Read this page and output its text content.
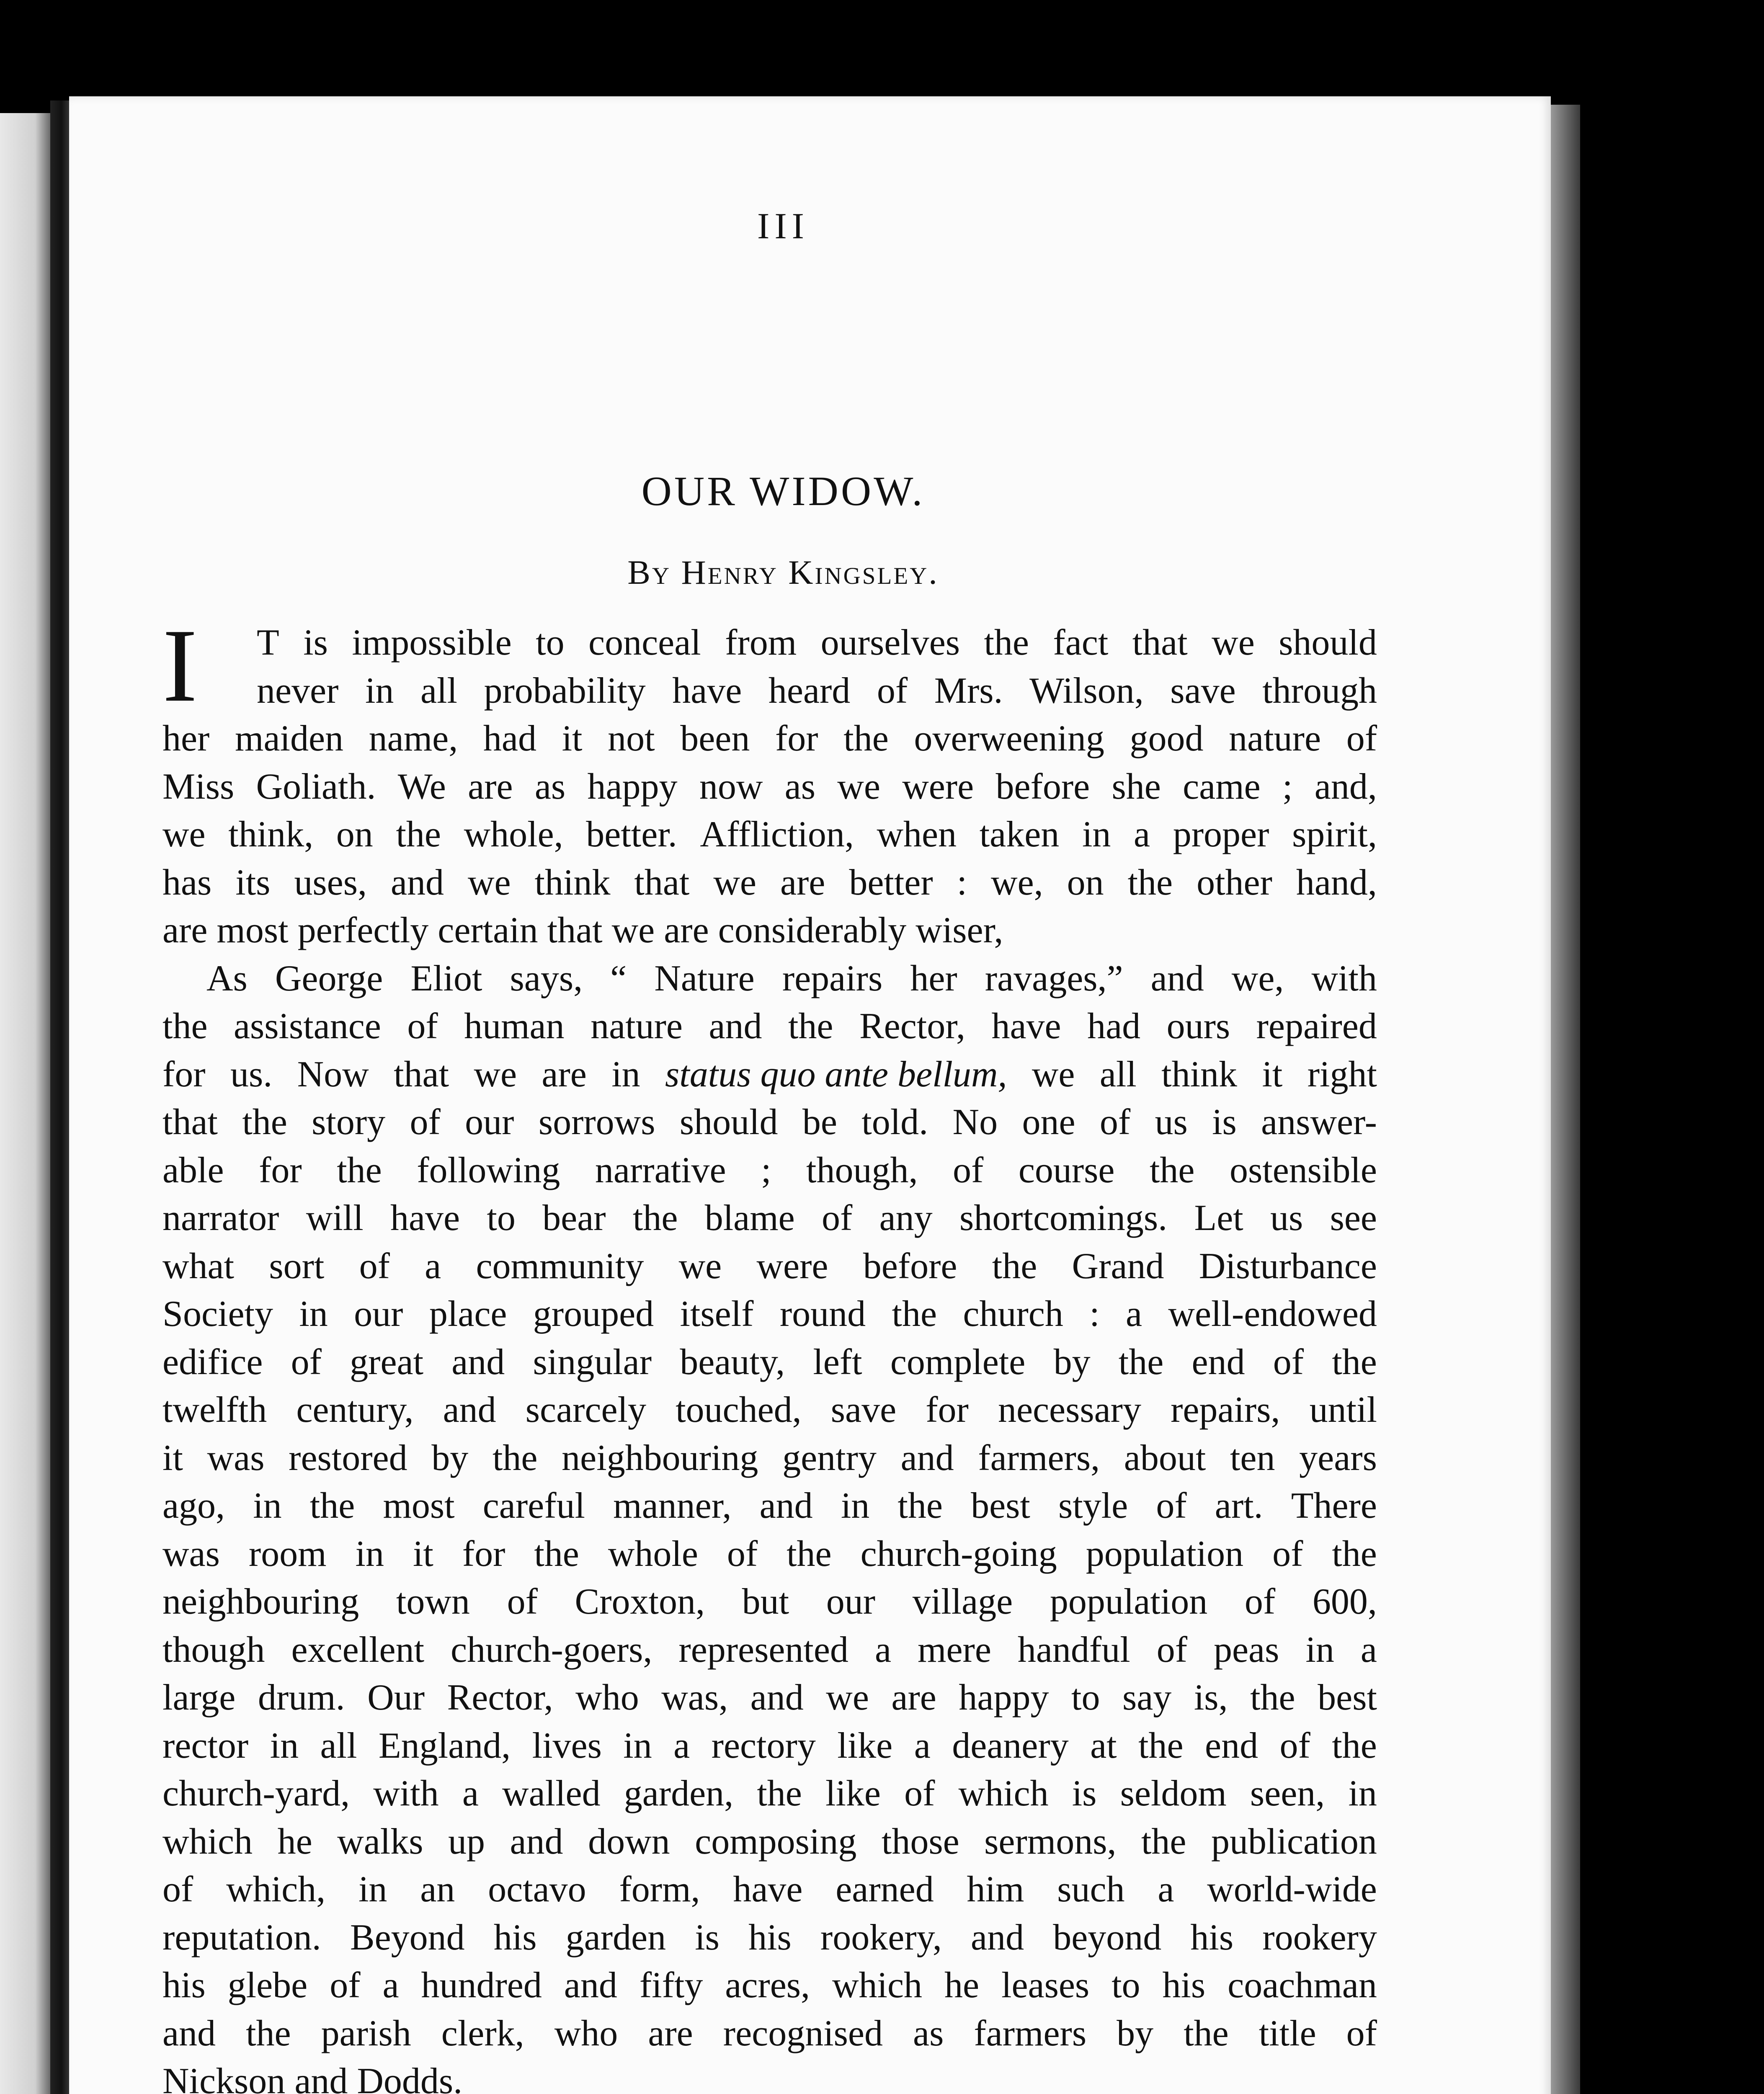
III
OUR WIDOW.
By Henry Kingsley.
I T is impossible to conceal from ourselves the fact that we should
never in all probability have heard of Mrs. Wilson, save through
her maiden name, had it not been for the overweening good nature of
Miss Goliath. We are as happy now as we were before she came ; and,
we think, on the whole, better. Affliction, when taken in a proper spirit,
has its uses, and we think that we are better : we, on the other hand,
are most perfectly certain that we are considerably wiser,
As George Eliot says, “ Nature repairs her ravages,” and we, with
the assistance of human nature and the Rector, have had ours repaired
for us. Now that we are in status quo ante bellum, we all think it right
that the story of our sorrows should be told. No one of us is answer-
able for the following narrative ; though, of course the ostensible
narrator will have to bear the blame of any shortcomings. Let us see
what sort of a community we were before the Grand Disturbance
Society in our place grouped itself round the church : a well-endowed
edifice of great and singular beauty, left complete by the end of the
twelfth century, and scarcely touched, save for necessary repairs, until
it was restored by the neighbouring gentry and farmers, about ten years
ago, in the most careful manner, and in the best style of art. There
was room in it for the whole of the church-going population of the
neighbouring town of Croxton, but our village population of 600,
though excellent church-goers, represented a mere handful of peas in a
large drum. Our Rector, who was, and we are happy to say is, the best
rector in all England, lives in a rectory like a deanery at the end of the
church-yard, with a walled garden, the like of which is seldom seen, in
which he walks up and down composing those sermons, the publication
of which, in an octavo form, have earned him such a world-wide
reputation. Beyond his garden is his rookery, and beyond his rookery
his glebe of a hundred and fifty acres, which he leases to his coachman
and the parish clerk, who are recognised as farmers by the title of
Nickson and Dodds.
